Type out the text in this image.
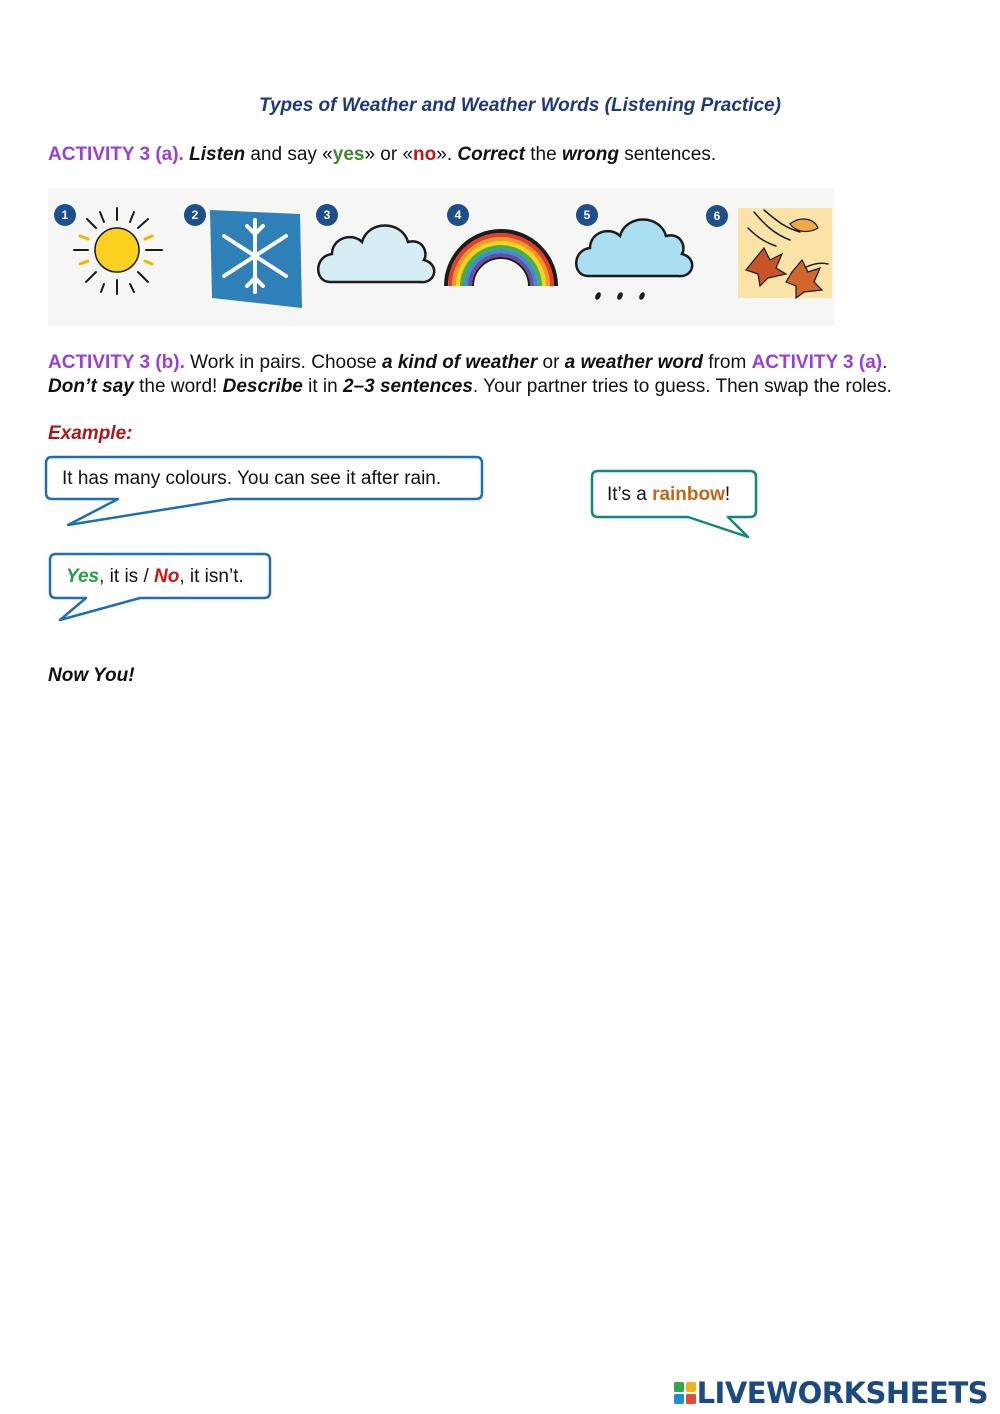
Types of Weather and Weather Words (Listening Practice)
ACTIVITY 3 (a). Listen and say «yes» or «no». Correct the wrong sentences.
1	2	3	4	5	6
ACTIVITY 3 (b). Work in pairs. Choose a kind of weather or a weather word from ACTIVITY 3 (a).
Don’t say the word! Describe it in 2–3 sentences. Your partner tries to guess. Then swap the roles.
Example:
It has many colours. You can see it after rain.
It’s a rainbow!
Yes, it is / No, it isn’t.
Now You!
LIVEWORKSHEETS
